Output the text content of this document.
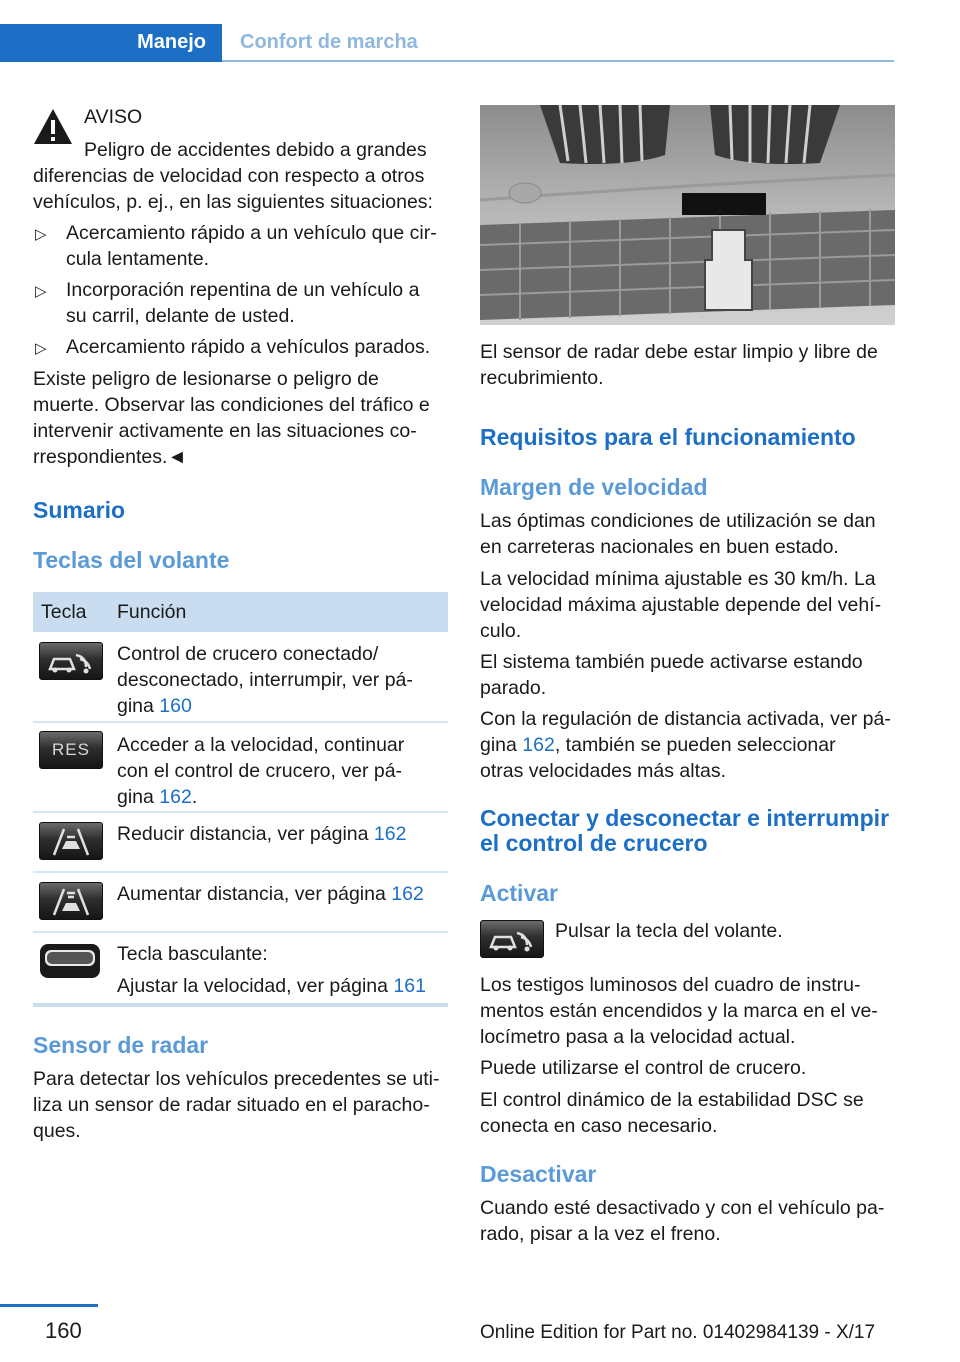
Manejo	Confort de marcha
AVISO
Peligro de accidentes debido a grandes
diferencias de velocidad con respecto a otros
vehículos, p. ej., en las siguientes situaciones:
▷ Acercamiento rápido a un vehículo que cir-
cula lentamente.
▷ Incorporación repentina de un vehículo a
su carril, delante de usted.
▷ Acercamiento rápido a vehículos parados.
Existe peligro de lesionarse o peligro de
muerte. Observar las condiciones del tráfico e
intervenir activamente en las situaciones co-
rrespondientes.◄
Sumario
Teclas del volante
Tecla Función
Control de crucero conectado/
desconectado, interrumpir, ver pá-
gina 160
RES	Acceder a la velocidad, continuar
con el control de crucero, ver pá-
gina 162.
Reducir distancia, ver página 162
Aumentar distancia, ver página 162
Tecla basculante:
Ajustar la velocidad, ver página 161
Sensor de radar
Para detectar los vehículos precedentes se uti-
liza un sensor de radar situado en el paracho-
ques.
El sensor de radar debe estar limpio y libre de
recubrimiento.
Requisitos para el funcionamiento
Margen de velocidad
Las óptimas condiciones de utilización se dan
en carreteras nacionales en buen estado.
La velocidad mínima ajustable es 30 km/h. La
velocidad máxima ajustable depende del vehí-
culo.
El sistema también puede activarse estando
parado.
Con la regulación de distancia activada, ver pá-
gina 162, también se pueden seleccionar
otras velocidades más altas.
Conectar y desconectar e interrumpir
el control de crucero
Activar
Pulsar la tecla del volante.
Los testigos luminosos del cuadro de instru-
mentos están encendidos y la marca en el ve-
locímetro pasa a la velocidad actual.
Puede utilizarse el control de crucero.
El control dinámico de la estabilidad DSC se
conecta en caso necesario.
Desactivar
Cuando esté desactivado y con el vehículo pa-
rado, pisar a la vez el freno.
160	Online Edition for Part no. 01402984139 - X/17
